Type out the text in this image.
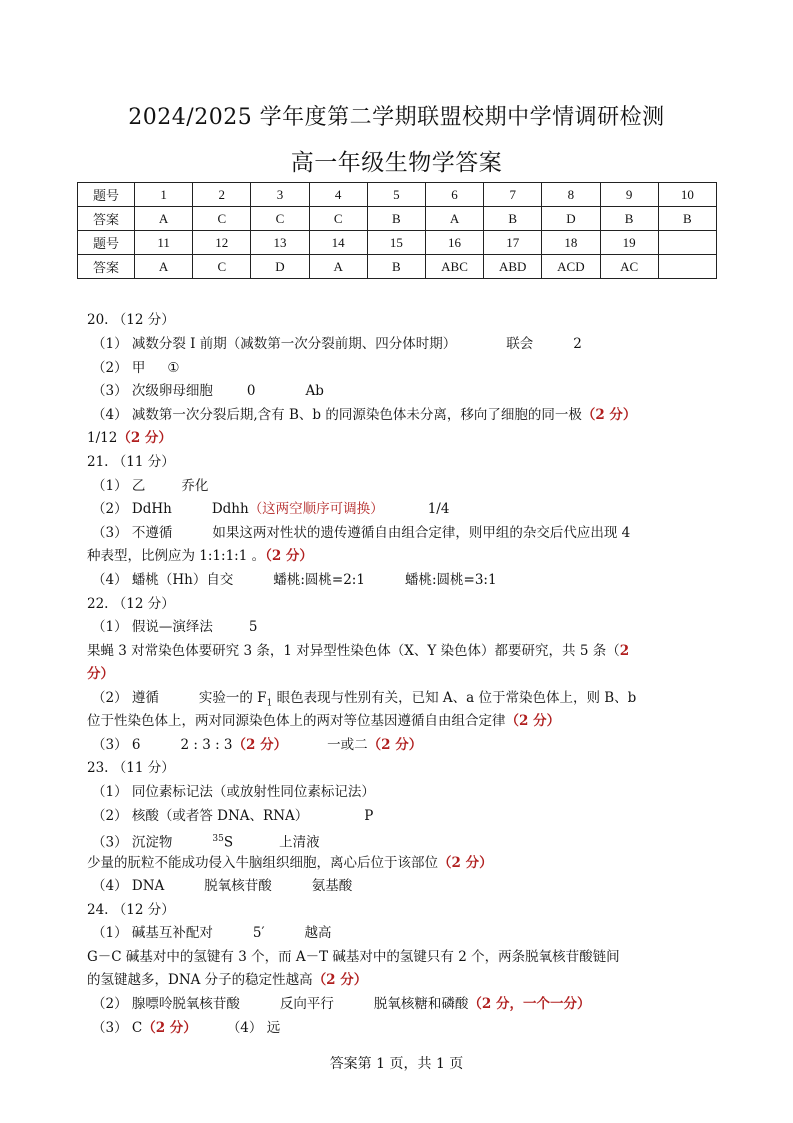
2024/2025 学年度第二学期联盟校期中学情调研检测
高一年级生物学答案
题号	1	2	3	4	5	6	7	8	9	10
答案	A	C	C	C	B	A	B	D	B	B
题号	11	12	13	14	15	16	17	18	19	
答案	A	C	D	A	B	ABC	ABD	ACD	AC	
20. （12 分）
（1） 减数分裂 I 前期（减数第一次分裂前期、四分体时期）	联会	2
（2） 甲 ①
（3） 次级卵母细胞	0	Ab
（4） 减数第一次分裂后期,含有 B、b 的同源染色体未分离，移向了细胞的同一极（2 分）
1/12（2 分）
21. （11 分）
（1） 乙	乔化
（2） DdHh	Ddhh（这两空顺序可调换）	1/4
（3） 不遵循	如果这两对性状的遗传遵循自由组合定律，则甲组的杂交后代应出现 4
种表型，比例应为 1:1:1:1 。（2 分）
（4） 蟠桃（Hh）自交	蟠桃:圆桃=2:1	蟠桃:圆桃=3:1
22. （12 分）
（1） 假说—演绎法	5
果蝇 3 对常染色体要研究 3 条，1 对异型性染色体（X、Y 染色体）都要研究，共 5 条（2
分）
（2） 遵循	实验一的 $F_1$ 眼色表现与性别有关，已知 A、a 位于常染色体上，则 B、b
位于性染色体上，两对同源染色体上的两对等位基因遵循自由组合定律（2 分）
（3） 6	2 : 3 : 3（2 分）	一或二（2 分）
23. （11 分）
（1） 同位素标记法（或放射性同位素标记法）
（2） 核酸（或者答 DNA、RNA）	P
（3） 沉淀物	$^{35}$S	上清液
少量的朊粒不能成功侵入牛脑组织细胞，离心后位于该部位（2 分）
（4） DNA	脱氧核苷酸	氨基酸
24. （12 分）
（1） 碱基互补配对	5′	越高
G－C 碱基对中的氢键有 3 个，而 A－T 碱基对中的氢键只有 2 个，两条脱氧核苷酸链间
的氢键越多，DNA 分子的稳定性越高（2 分）
（2） 腺嘌呤脱氧核苷酸	反向平行	脱氧核糖和磷酸（2 分，一个一分）
（3） C（2 分） （4） 远
答案第 1 页，共 1 页
